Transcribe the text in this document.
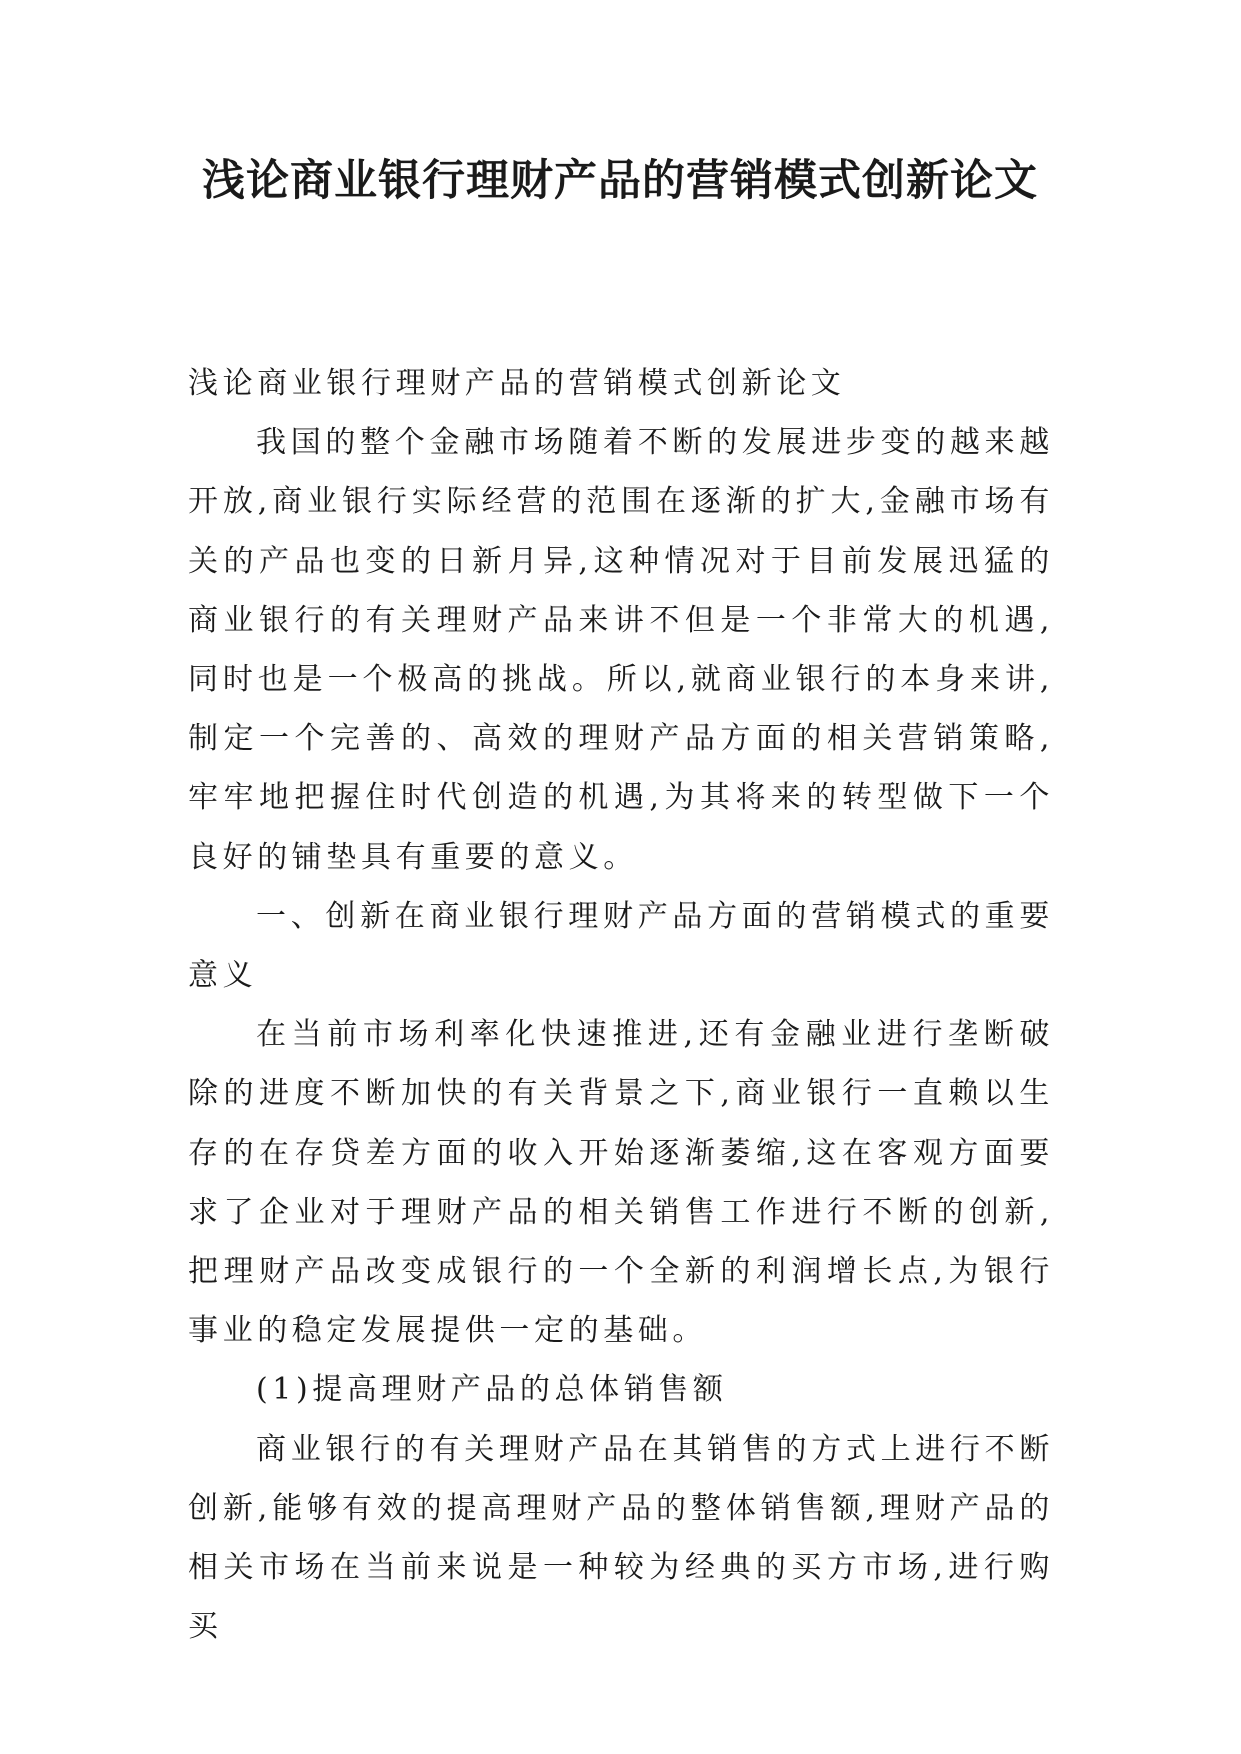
浅论商业银行理财产品的营销模式创新论文

浅论商业银行理财产品的营销模式创新论文

我国的整个金融市场随着不断的发展进步变的越来越开放,商业银行实际经营的范围在逐渐的扩大,金融市场有关的产品也变的日新月异,这种情况对于目前发展迅猛的商业银行的有关理财产品来讲不但是一个非常大的机遇,同时也是一个极高的挑战。所以,就商业银行的本身来讲,制定一个完善的、高效的理财产品方面的相关营销策略,牢牢地把握住时代创造的机遇,为其将来的转型做下一个良好的铺垫具有重要的意义。

一、创新在商业银行理财产品方面的营销模式的重要意义

在当前市场利率化快速推进,还有金融业进行垄断破除的进度不断加快的有关背景之下,商业银行一直赖以生存的在存贷差方面的收入开始逐渐萎缩,这在客观方面要求了企业对于理财产品的相关销售工作进行不断的创新,把理财产品改变成银行的一个全新的利润增长点,为银行事业的稳定发展提供一定的基础。

(1)提高理财产品的总体销售额

商业银行的有关理财产品在其销售的方式上进行不断创新,能够有效的提高理财产品的整体销售额,理财产品的相关市场在当前来说是一种较为经典的买方市场,进行购买
